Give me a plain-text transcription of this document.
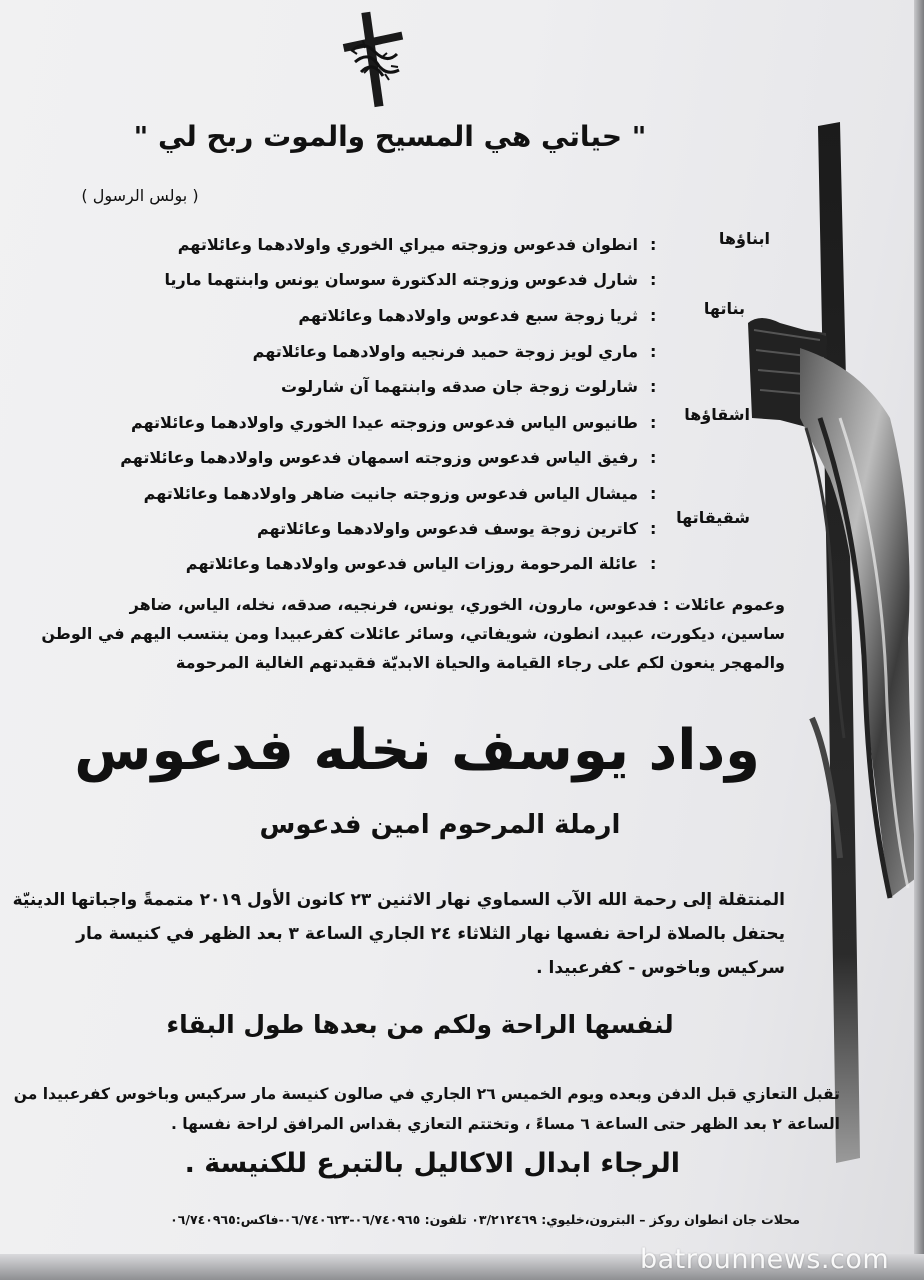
" حياتي هي المسيح والموت ربح لي "

( بولس الرسول )

ابناؤها
بناتها
اشقاؤها
شقيقاتها
:
:
:
:
:
:
:
:
:
:

انطوان فدعوس وزوجته ميراي الخوري واولادهما وعائلاتهم

شارل فدعوس وزوجته الدكتورة سوسان يونس وابنتهما ماريا

ثريا زوجة سبع فدعوس واولادهما وعائلاتهم

ماري لويز زوجة حميد فرنجيه واولادهما وعائلاتهم

شارلوت زوجة جان صدقه وابنتهما آن شارلوت

طانيوس الياس فدعوس وزوجته عيدا الخوري واولادهما وعائلاتهم

رفيق الياس فدعوس وزوجته اسمهان فدعوس واولادهما وعائلاتهم

ميشال الياس فدعوس وزوجته جانيت ضاهر واولادهما وعائلاتهم

كاترين زوجة يوسف فدعوس واولادهما وعائلاتهم

عائلة المرحومة روزات الياس فدعوس واولادهما وعائلاتهم

وعموم عائلات : فدعوس، مارون، الخوري، يونس، فرنجيه، صدقه، نخله، الياس، ضاهر

ساسين، ديكورت، عبيد، انطون، شويفاتي، وسائر عائلات كفرعبيدا ومن ينتسب اليهم في الوطن

والمهجر ينعون لكم على رجاء القيامة والحياة الابديّة فقيدتهم الغالية المرحومة

وداد يوسف نخله فدعوس

ارملة المرحوم امين فدعوس

المنتقلة إلى رحمة الله الآب السماوي نهار الاثنين ٢٣ كانون الأول ٢٠١٩ متممةً واجباتها الدينيّة

يحتفل بالصلاة لراحة نفسها نهار الثلاثاء ٢٤ الجاري الساعة ٣ بعد الظهر في كنيسة مار

سركيس وباخوس - كفرعبيدا .

لنفسها الراحة ولكم من بعدها طول البقاء

تقبل التعازي قبل الدفن وبعده ويوم الخميس ٢٦ الجاري في صالون كنيسة مار سركيس وباخوس كفرعبيدا من

الساعة ٢ بعد الظهر حتى الساعة ٦ مساءً ، وتختتم التعازي بقداس المرافق لراحة نفسها .

الرجاء ابدال الاكاليل بالتبرع للكنيسة .

محلات جان انطوان روكز – البترون،خليوي: ٠٣/٢١٢٤٦٩ تلفون: ٠٦/٧٤٠٩٦٥-٠٦/٧٤٠٦٢٣-فاكس:٠٦/٧٤٠٩٦٥

batrounnews.com
